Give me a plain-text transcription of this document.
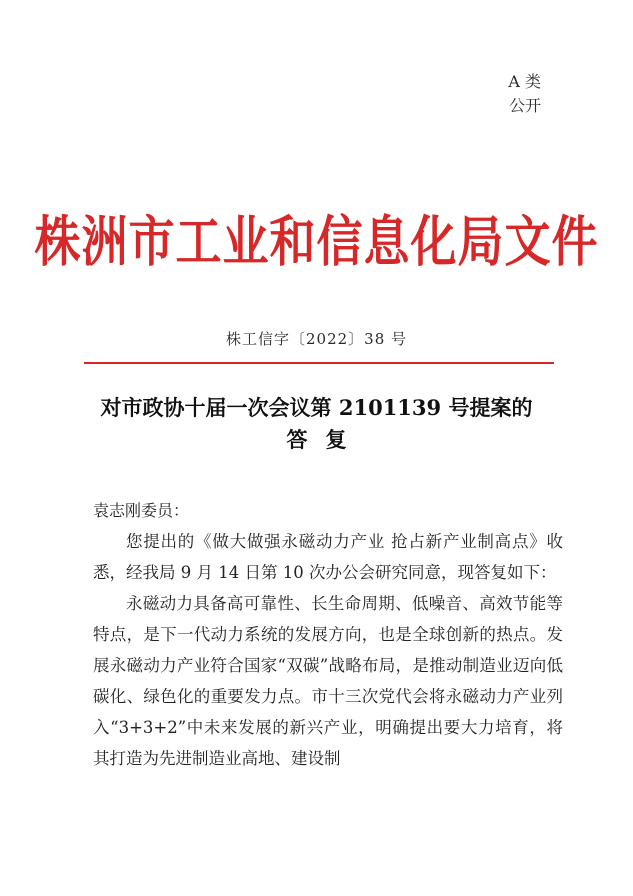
A 类
公开
株洲市工业和信息化局文件
株工信字〔2022〕38 号
对市政协十届一次会议第 2101139 号提案的
答复
袁志刚委员：

您提出的《做大做强永磁动力产业 抢占新产业制高点》收悉，经我局 9 月 14 日第 10 次办公会研究同意，现答复如下：

永磁动力具备高可靠性、长生命周期、低噪音、高效节能等特点，是下一代动力系统的发展方向，也是全球创新的热点。发展永磁动力产业符合国家“双碳”战略布局，是推动制造业迈向低碳化、绿色化的重要发力点。市十三次党代会将永磁动力产业列入“3+3+2”中未来发展的新兴产业，明确提出要大力培育，将其打造为先进制造业高地、建设制
